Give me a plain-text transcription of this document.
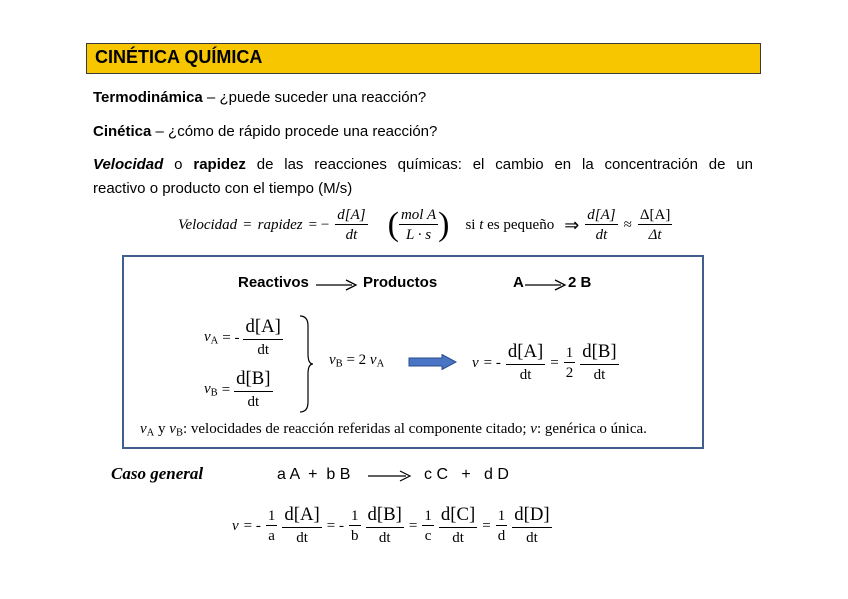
CINÉTICA QUÍMICA
Termodinámica – ¿puede suceder una reacción?
Cinética – ¿cómo de rápido procede una reacción?
Velocidad o rapidez de las reacciones químicas: el cambio en la concentración de un
reactivo o producto con el tiempo (M/s)
Velocidad = rapidez = − $\frac{d[A]}{dt}$ ( $\frac{\text{mol A}}{L \cdot s}$ ) si t es pequeño ⇒ $\frac{d[A]}{dt} \approx \frac{\Delta[A]}{\Delta t}$
Reactivos → Productos	A → 2 B
$v_A$ = - $\frac{d[A]}{dt}$
$v_B = \frac{d[B]}{dt}$
$v_B = 2$ $v_A$	v = - $\frac{d[A]}{dt} = \frac{1}{2} \frac{d[B]}{dt}$
$v_A$ y $v_B$: velocidades de reacción referidas al componente citado; v: genérica o única.
Caso general	a A  +  b B	c C   +   d D
v = - $\frac{1}{a} \frac{d[A]}{dt}$ = - $\frac{1}{b} \frac{d[B]}{dt} = \frac{1}{c} \frac{d[C]}{dt} = \frac{1}{d} \frac{d[D]}{dt}$
